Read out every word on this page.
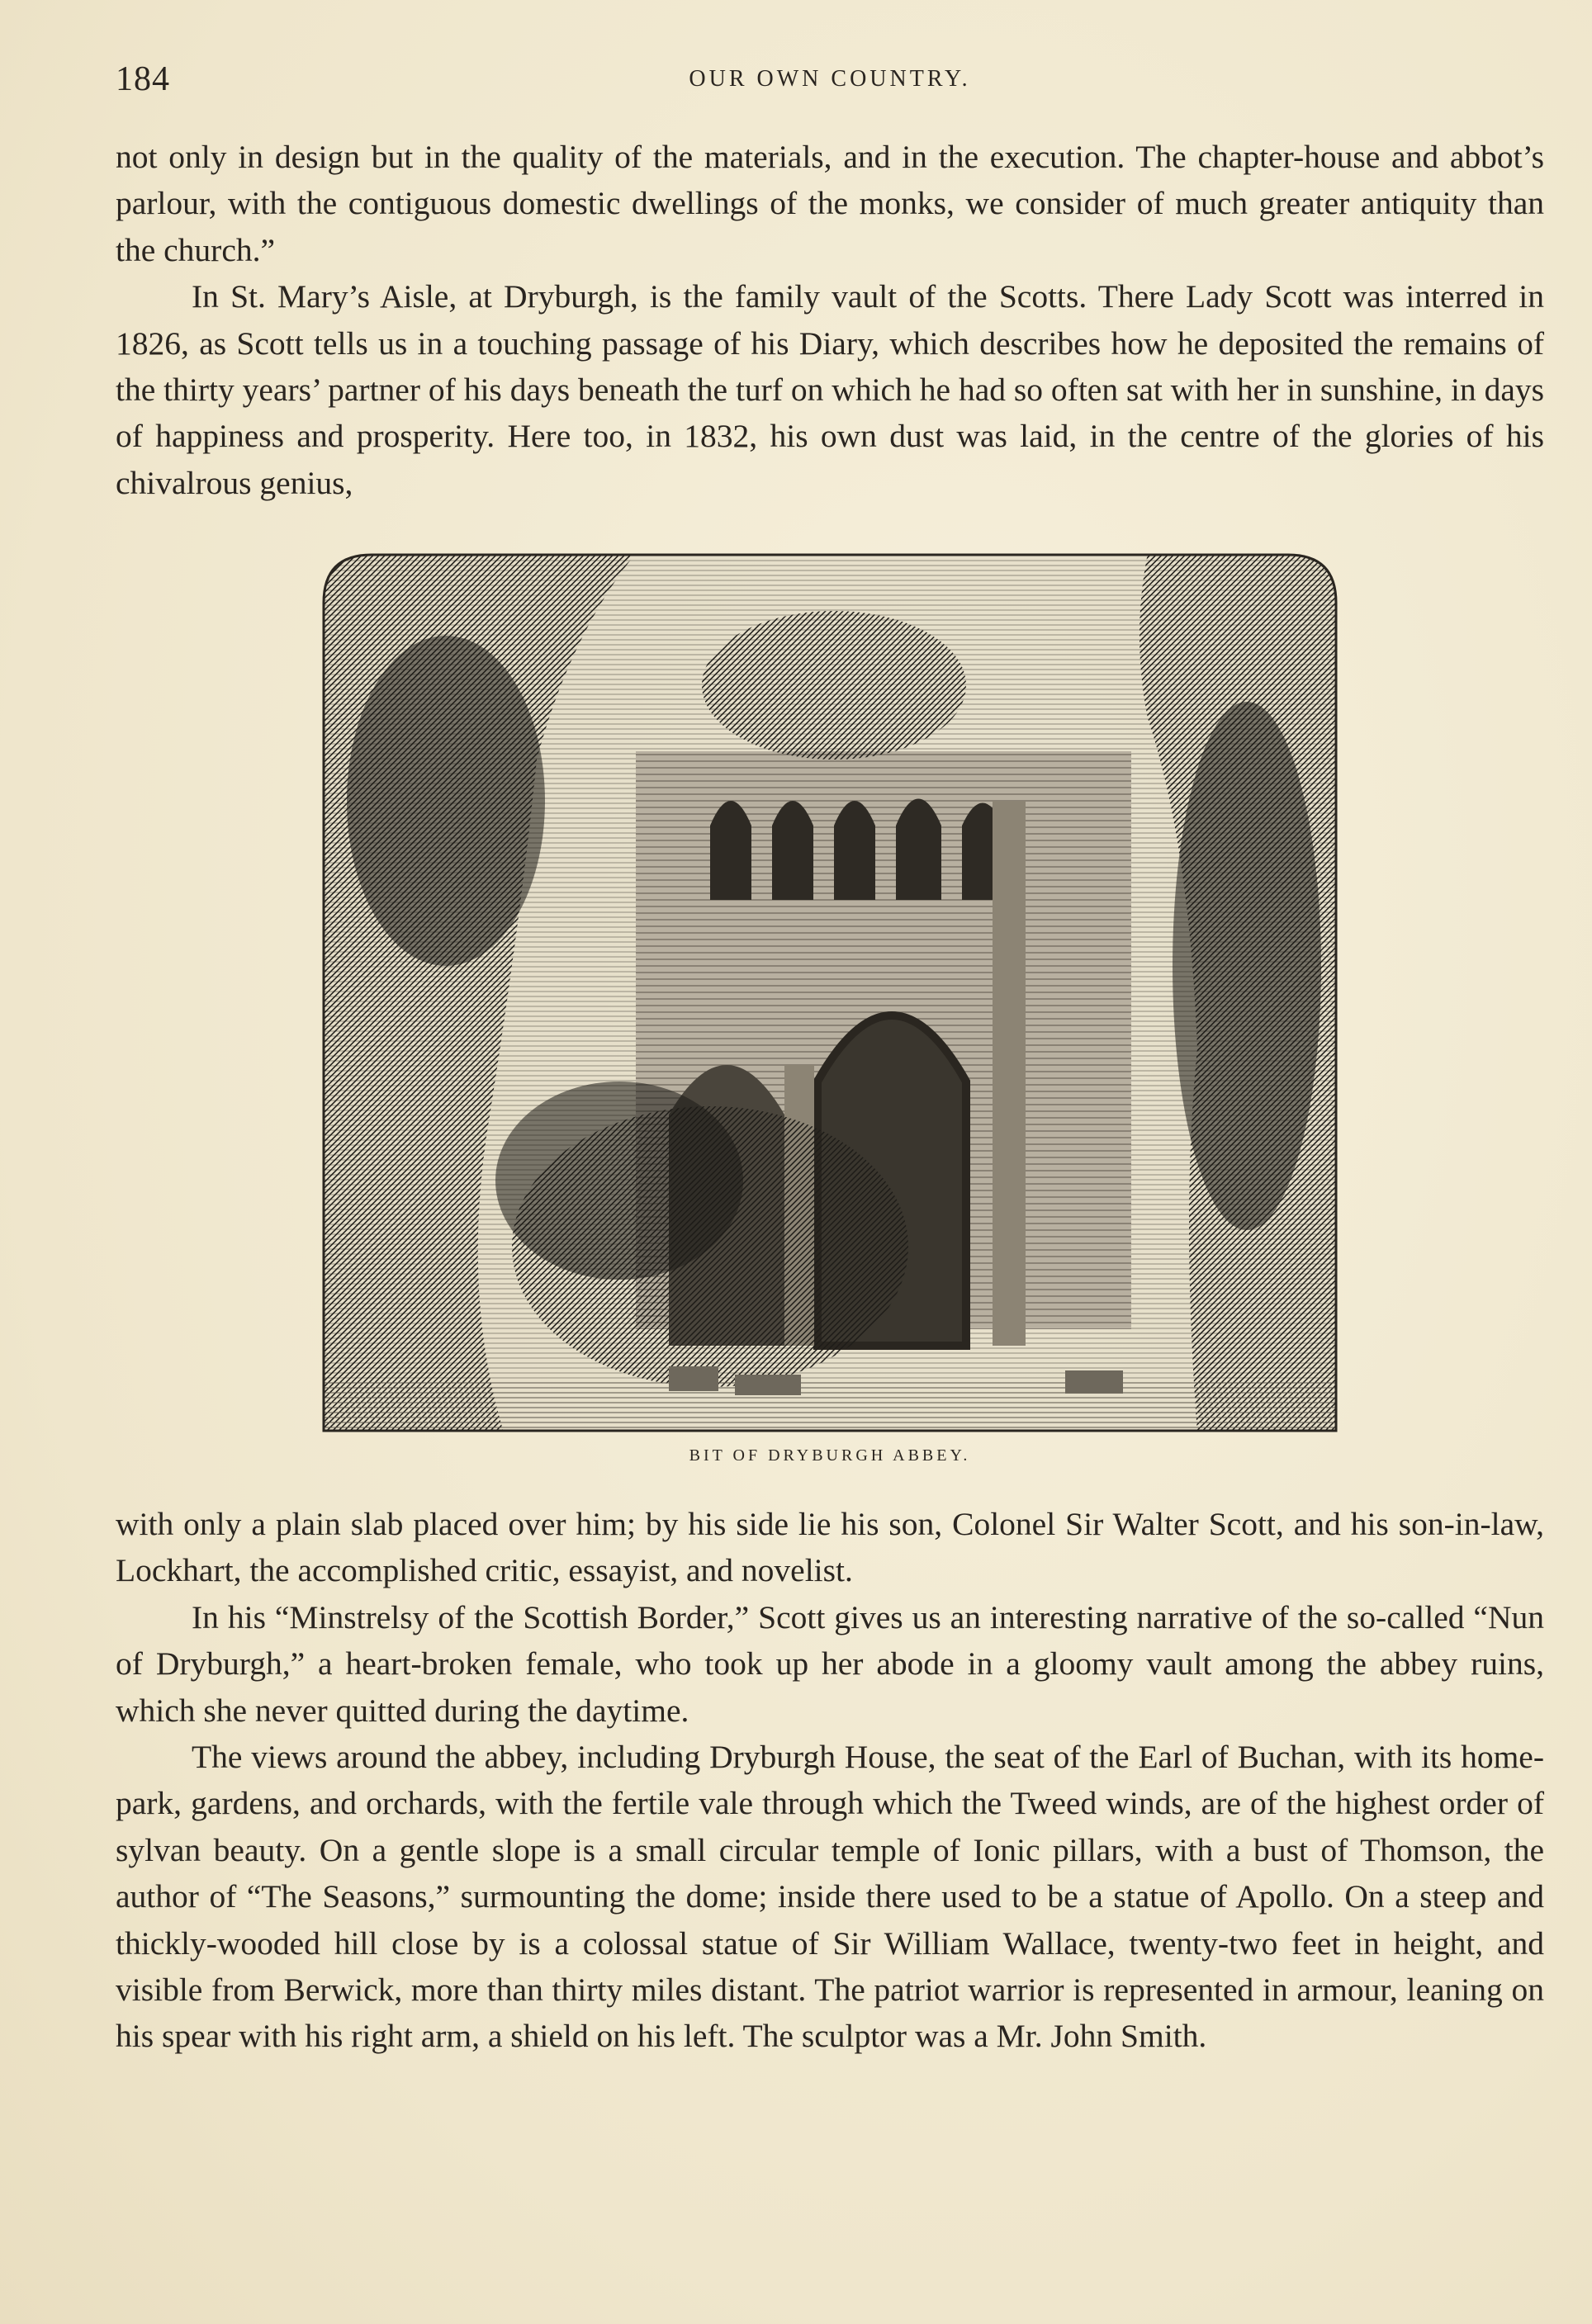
184	OUR OWN COUNTRY.

not only in design but in the quality of the materials, and in the execution. The chapter-house and abbot’s parlour, with the contiguous domestic dwellings of the monks, we consider of much greater antiquity than the church.”

In St. Mary’s Aisle, at Dryburgh, is the family vault of the Scotts. There Lady Scott was interred in 1826, as Scott tells us in a touching passage of his Diary, which describes how he deposited the remains of the thirty years’ partner of his days beneath the turf on which he had so often sat with her in sunshine, in days of happiness and prosperity. Here too, in 1832, his own dust was laid, in the centre of the glories of his chivalrous genius,

BIT OF DRYBURGH ABBEY.

with only a plain slab placed over him; by his side lie his son, Colonel Sir Walter Scott, and his son-in-law, Lockhart, the accomplished critic, essayist, and novelist.

In his “Minstrelsy of the Scottish Border,” Scott gives us an interesting narrative of the so-called “Nun of Dryburgh,” a heart-broken female, who took up her abode in a gloomy vault among the abbey ruins, which she never quitted during the daytime.

The views around the abbey, including Dryburgh House, the seat of the Earl of Buchan, with its home-park, gardens, and orchards, with the fertile vale through which the Tweed winds, are of the highest order of sylvan beauty. On a gentle slope is a small circular temple of Ionic pillars, with a bust of Thomson, the author of “The Seasons,” surmounting the dome; inside there used to be a statue of Apollo. On a steep and thickly-wooded hill close by is a colossal statue of Sir William Wallace, twenty-two feet in height, and visible from Berwick, more than thirty miles distant. The patriot warrior is represented in armour, leaning on his spear with his right arm, a shield on his left. The sculptor was a Mr. John Smith.
